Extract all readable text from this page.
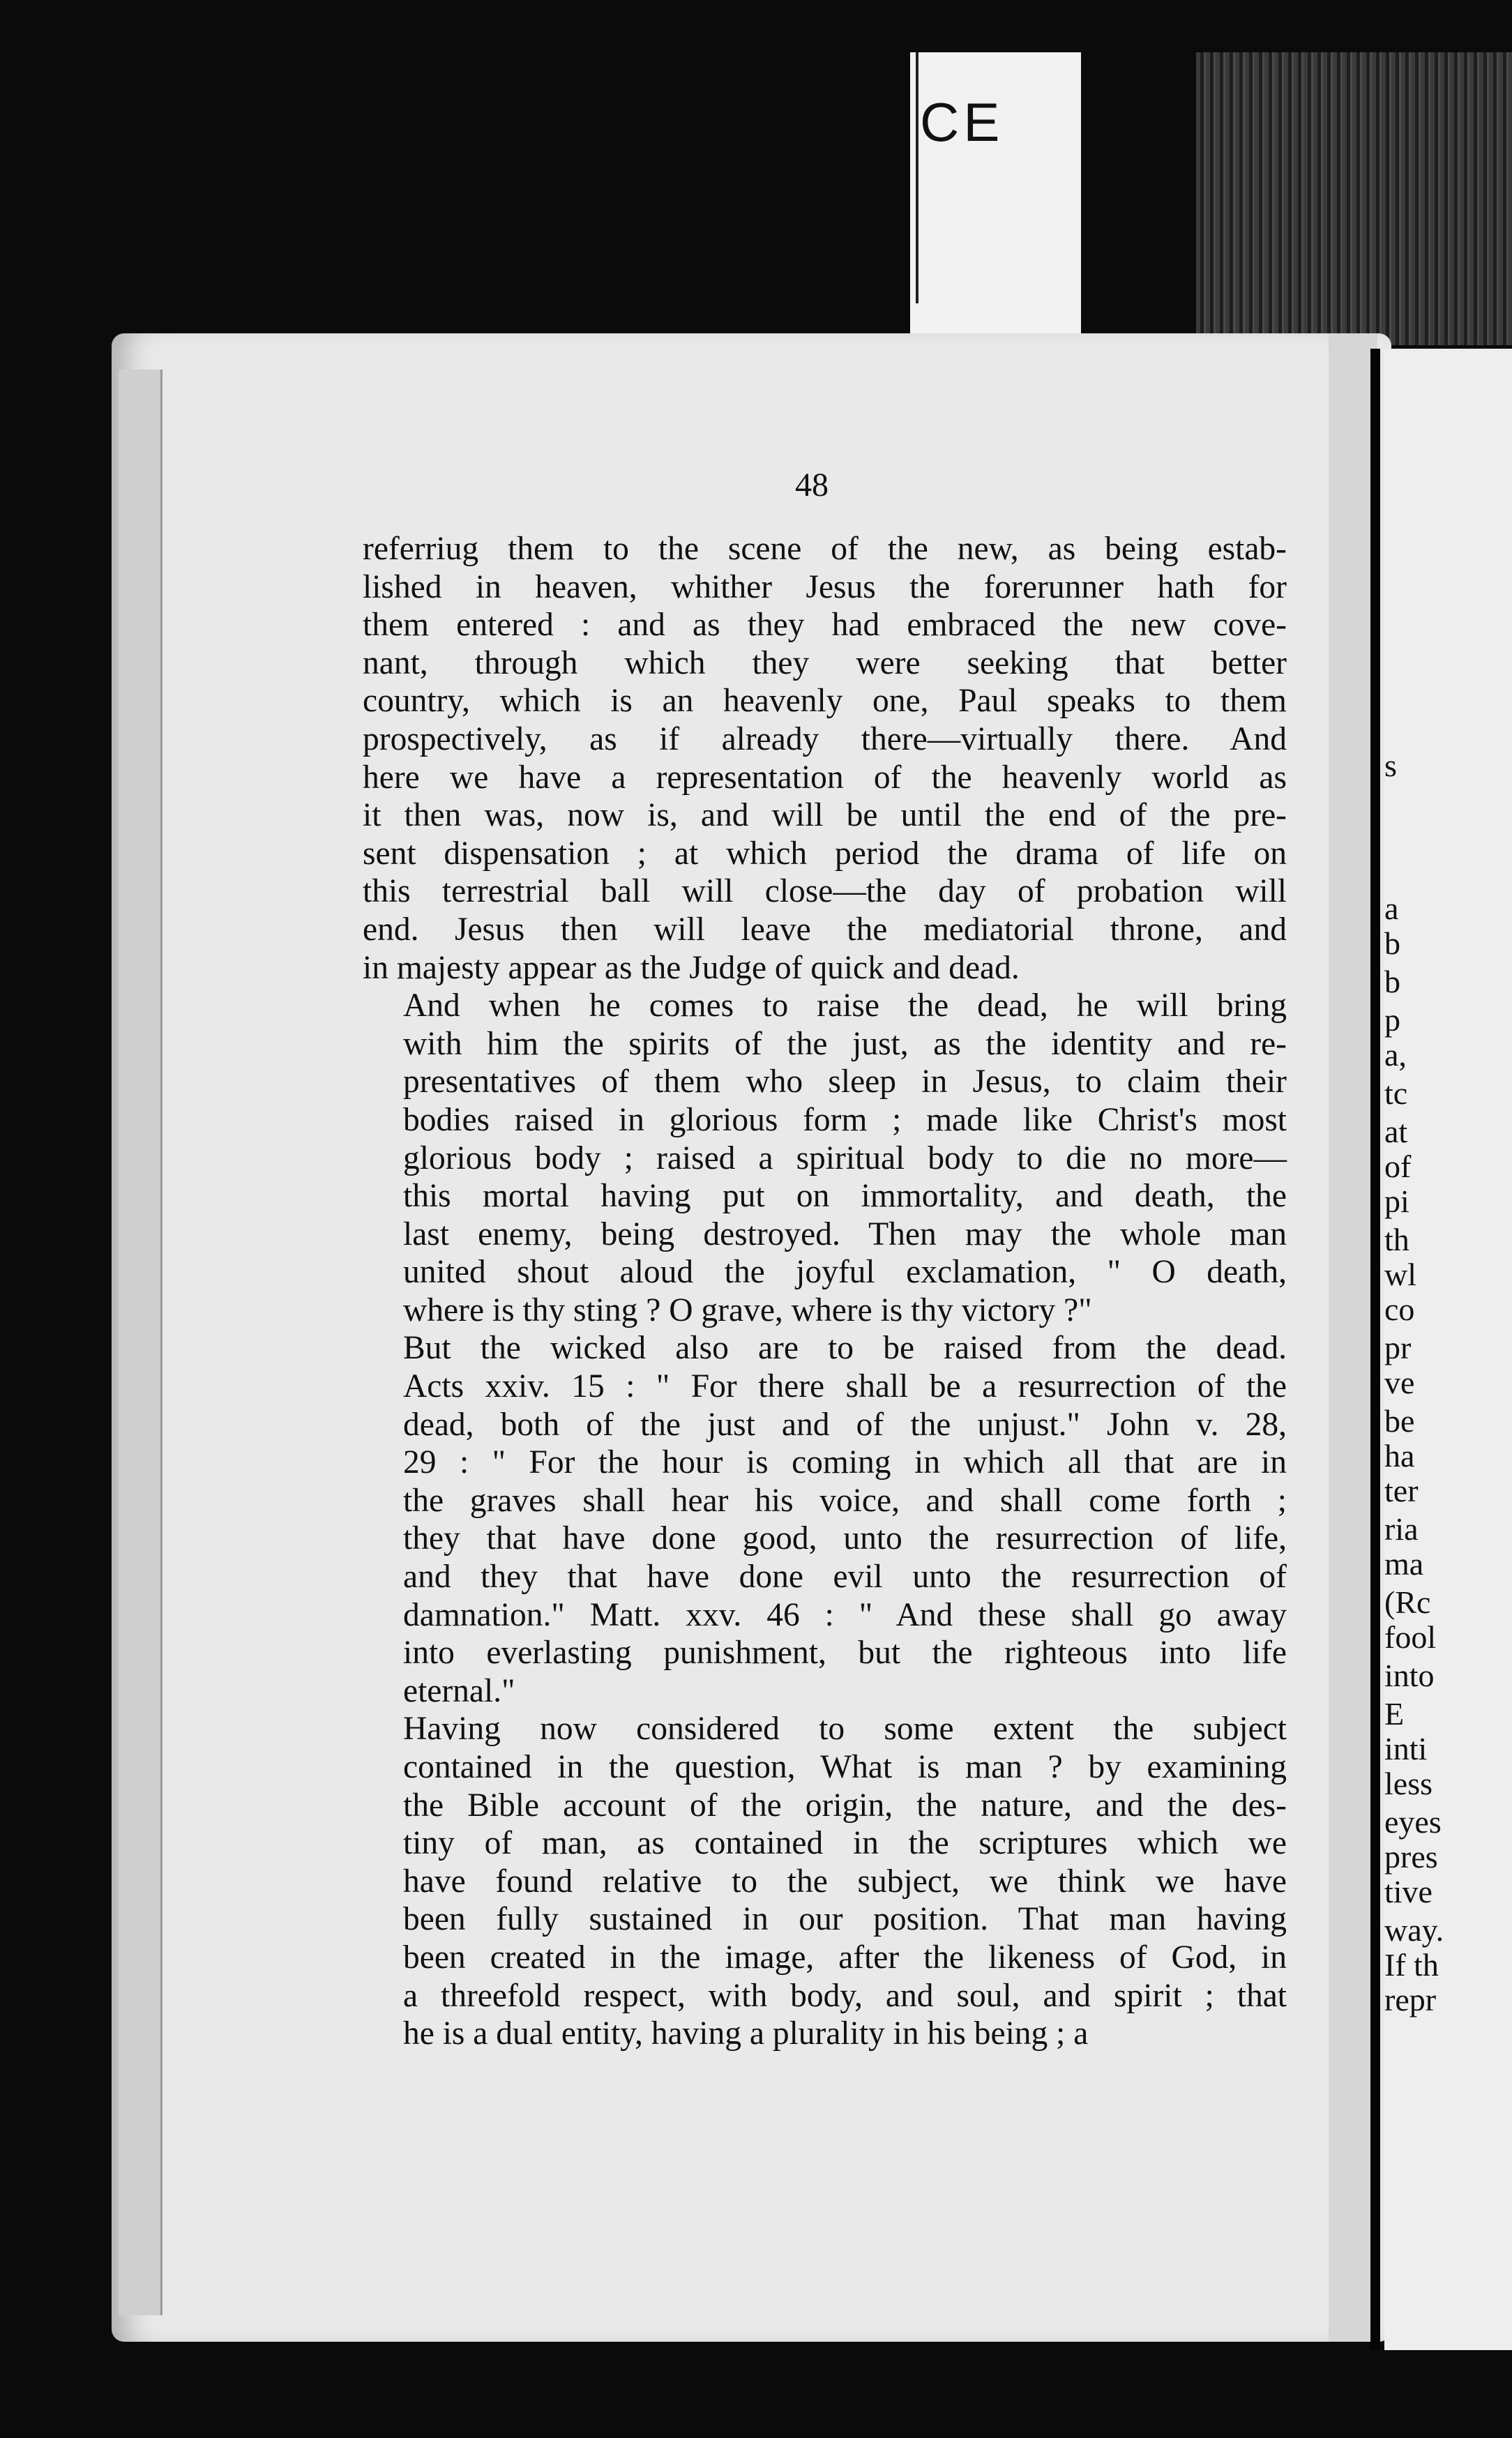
CE
s
a
b
b
p
a,
tc
at
of
pi
th
wl
co
pr
ve
be
ha
ter
ria
ma
(Rc
fool
into
E
inti
less
eyes
pres
tive
way.
If th
repr
48

referriug them to the scene of the new, as being estab-
lished in heaven, whither Jesus the forerunner hath for
them entered : and as they had embraced the new cove-
nant, through which they were seeking that better
country, which is an heavenly one, Paul speaks to them
prospectively, as if already there—virtually there. And
here we have a representation of the heavenly world as
it then was, now is, and will be until the end of the pre-
sent dispensation ; at which period the drama of life on
this terrestrial ball will close—the day of probation will
end. Jesus then will leave the mediatorial throne, and
in majesty appear as the Judge of quick and dead.

And when he comes to raise the dead, he will bring
with him the spirits of the just, as the identity and re-
presentatives of them who sleep in Jesus, to claim their
bodies raised in glorious form ; made like Christ's most
glorious body ; raised a spiritual body to die no more—
this mortal having put on immortality, and death, the
last enemy, being destroyed. Then may the whole man
united shout aloud the joyful exclamation, " O death,
where is thy sting ? O grave, where is thy victory ?"

But the wicked also are to be raised from the dead.
Acts xxiv. 15 : " For there shall be a resurrection of the
dead, both of the just and of the unjust." John v. 28,
29 : " For the hour is coming in which all that are in
the graves shall hear his voice, and shall come forth ;
they that have done good, unto the resurrection of life,
and they that have done evil unto the resurrection of
damnation." Matt. xxv. 46 : " And these shall go away
into everlasting punishment, but the righteous into life
eternal."

Having now considered to some extent the subject
contained in the question, What is man ? by examining
the Bible account of the origin, the nature, and the des-
tiny of man, as contained in the scriptures which we
have found relative to the subject, we think we have
been fully sustained in our position. That man having
been created in the image, after the likeness of God, in
a threefold respect, with body, and soul, and spirit ; that
he is a dual entity, having a plurality in his being ; a
